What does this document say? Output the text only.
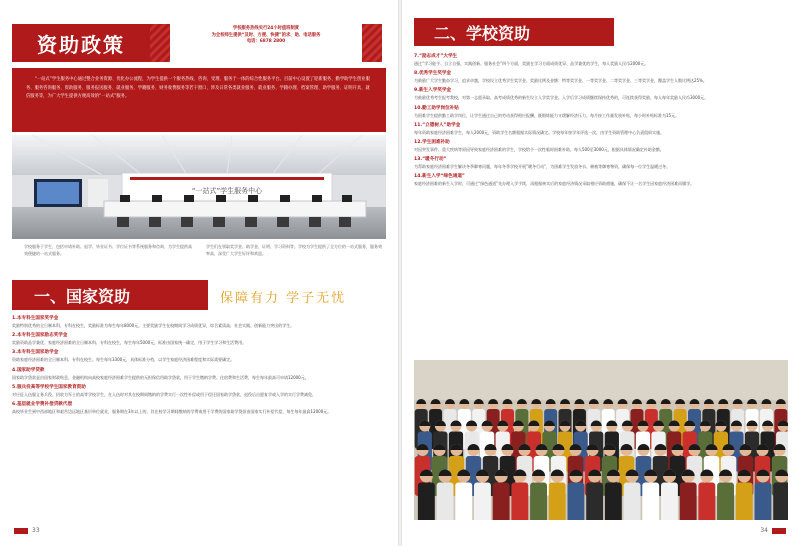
资助政策

学校服务热线实行24小时值班制度

为全校师生提供“及时、方便、快捷”的求、助、电话服务

电话：6878 2800

“一站式”学生服务中心通过整合业务资源、优化办公流程，为学生提供一个服务热线、咨询、受理、服务于一体的综合性服务平台。目前中心设置了迎新服务、勤学助学生创业服务、服务咨询服务、资助服务、服务报送服务、就业服务、学籍服务、财务收费服务等若干窗口，涉及日常各类就业服务、就业服务、学籍办理、档案管理、助学服务、证明开具、就信服务等，为广大学生提供方便高效的“一站式”服务。

“一站式”学生服务中心
学校服务于学生，包括申请补助、退学、毕业证书、学位证书等系统服务和咨询，为学生提供高效便捷的一站式服务。
学生们在领取奖学金、助学金、证明、学习资料等。学校为学生提供了全方位的一站式服务，服务效率高，深受广大学生好评和欢迎。
一、国家资助	保障有力 学子无忧
1.本专科生国家奖学金
奖励特别优秀的全日制本科、专科在校生，奖励标准为每生每年8000元。主要奖励学生在校期间学习成绩优异，综合素质高，社会实践、创新能力突出的学生。
2.本专科生国家励志奖学金
奖励资助品学兼优、家庭经济困难的全日制本科、专科在校生，每生每年5000元，标准由国家统一确定，用于学生学习和生活费用。
3.本专科生国家助学金
资助家庭经济困难的全日制本科、专科在校生。每生每年3300元，具体标准分档，以学生家庭经济困难程度和实际需要确定。
4.国家助学贷款
国家助学贷款是由国家财政贴息，金融机构向高校家庭经济困难学生提供的无担保信用助学贷款，用于学生缴纳学费、住宿费和生活费，每生每年最高可申请12000元。
5.服兵役高等学校学生国家教育资助
对应征入伍服义务兵役、招收为军士的高等学校学生，在入伍时对其在校期间缴纳的学费实行一次性补偿或用于偿还国家助学贷款，退役后自愿复学或入学的实行学费减免。
6.基层就业学费补偿贷款代偿
高校毕业生到中西部地区和艰苦边远地区基层单位就业，服务期在3年以上的，其在校学习期间缴纳的学费或用于学费的国家助学贷款由国家实行补偿代偿，每生每年最高12000元。
33
二、学校资助
7.“励志成才”大学生
通过“学习能手、自立自强、实践创新、服务社会”四个方面，奖励在学习方面成绩优异、品学兼优的学生，每人奖励人民币2000元。
8.优秀学生奖学金
为鼓励广大学生勤奋学习，追求卓越，学校设立优秀学生奖学金。奖励比例及金额：特等奖学金、一等奖学金、二等奖学金、三等奖学金，覆盖学生人数比例达25%。
9.新生入学奖学金
为鼓励优秀考生报考我校，对第一志愿录取、高考成绩优秀的新生设立入学奖学金。入学后学习成绩继续保持优秀的，可连续获得奖励，每人每年奖励人民币3000元。
10.勤工助学岗位补贴
为困难学生提供勤工助学岗位，让学生通过自己的劳动获得相应报酬，既锻炼能力又缓解经济压力。每月按工作量发放补贴，每小时补贴标准为15元。
11.“立德树人”助学金
每年资助家庭经济困难学生，每人2000元，资助学生名额根据实际情况确定。学校每年按学年评选一次，由学生资助管理中心负责组织实施。
12.学生困难补助
对因突发事件、重大疾病等原因导致家庭经济困难的学生，学校给予一次性临时困难补助，每人500至3000元，根据具体情况确定补助金额。
13.“暖冬行动”
为帮助家庭经济困难学生解决冬季御寒问题，每年冬季学校开展“暖冬行动”，为困难学生发放冬衣、棉被等御寒物资，确保每一位学生温暖过冬。
14.新生入学“绿色通道”
家庭经济困难的新生入学时，可通过“绿色通道”先办理入学手续，再根据核实后的家庭经济情况采取相应资助措施，确保不让一名学生因家庭经济困难而辍学。
34
